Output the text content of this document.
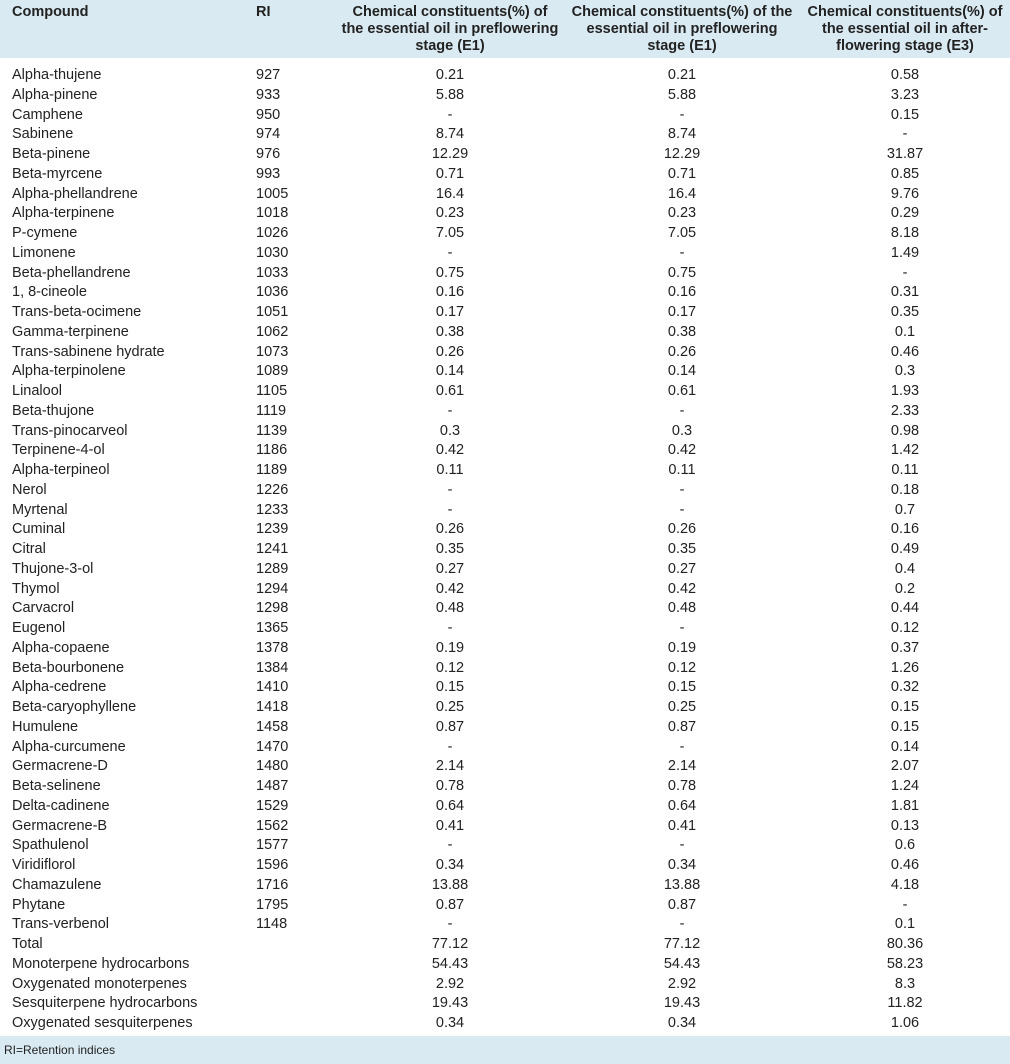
Compound	RI	Chemical constituents(%) of the essential oil in preflowering stage (E1)	Chemical constituents(%) of the essential oil in preflowering stage (E1)	Chemical constituents(%) of the essential oil in after-flowering stage (E3)
Alpha-thujene	927	0.21	0.21	0.58
Alpha-pinene	933	5.88	5.88	3.23
Camphene	950	-	-	0.15
Sabinene	974	8.74	8.74	-
Beta-pinene	976	12.29	12.29	31.87
Beta-myrcene	993	0.71	0.71	0.85
Alpha-phellandrene	1005	16.4	16.4	9.76
Alpha-terpinene	1018	0.23	0.23	0.29
P-cymene	1026	7.05	7.05	8.18
Limonene	1030	-	-	1.49
Beta-phellandrene	1033	0.75	0.75	-
1, 8-cineole	1036	0.16	0.16	0.31
Trans-beta-ocimene	1051	0.17	0.17	0.35
Gamma-terpinene	1062	0.38	0.38	0.1
Trans-sabinene hydrate	1073	0.26	0.26	0.46
Alpha-terpinolene	1089	0.14	0.14	0.3
Linalool	1105	0.61	0.61	1.93
Beta-thujone	1119	-	-	2.33
Trans-pinocarveol	1139	0.3	0.3	0.98
Terpinene-4-ol	1186	0.42	0.42	1.42
Alpha-terpineol	1189	0.11	0.11	0.11
Nerol	1226	-	-	0.18
Myrtenal	1233	-	-	0.7
Cuminal	1239	0.26	0.26	0.16
Citral	1241	0.35	0.35	0.49
Thujone-3-ol	1289	0.27	0.27	0.4
Thymol	1294	0.42	0.42	0.2
Carvacrol	1298	0.48	0.48	0.44
Eugenol	1365	-	-	0.12
Alpha-copaene	1378	0.19	0.19	0.37
Beta-bourbonene	1384	0.12	0.12	1.26
Alpha-cedrene	1410	0.15	0.15	0.32
Beta-caryophyllene	1418	0.25	0.25	0.15
Humulene	1458	0.87	0.87	0.15
Alpha-curcumene	1470	-	-	0.14
Germacrene-D	1480	2.14	2.14	2.07
Beta-selinene	1487	0.78	0.78	1.24
Delta-cadinene	1529	0.64	0.64	1.81
Germacrene-B	1562	0.41	0.41	0.13
Spathulenol	1577	-	-	0.6
Viridiflorol	1596	0.34	0.34	0.46
Chamazulene	1716	13.88	13.88	4.18
Phytane	1795	0.87	0.87	-
Trans-verbenol	1148	-	-	0.1
Total		77.12	77.12	80.36
Monoterpene hydrocarbons		54.43	54.43	58.23
Oxygenated monoterpenes		2.92	2.92	8.3
Sesquiterpene hydrocarbons		19.43	19.43	11.82
Oxygenated sesquiterpenes		0.34	0.34	1.06
RI=Retention indices
